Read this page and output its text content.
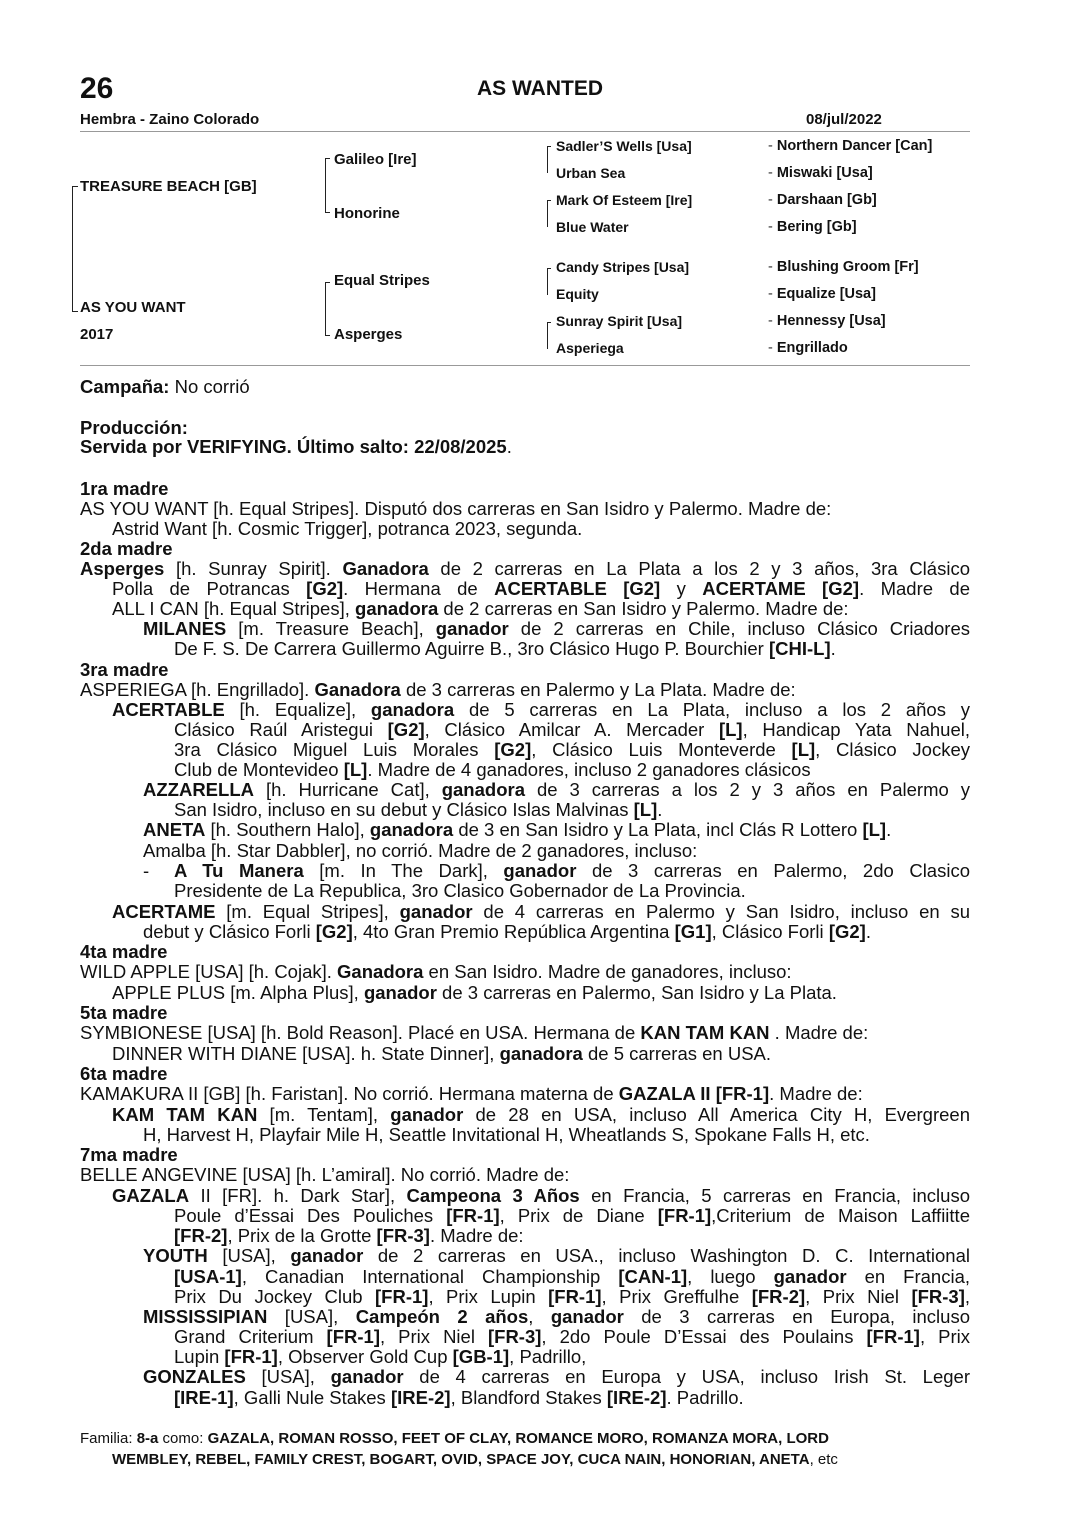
26	AS WANTED
Hembra - Zaino Colorado	08/jul/2022
TREASURE BEACH [GB]
AS YOU WANT
2017
Galileo [Ire]
Honorine
Equal Stripes
Asperges
Sadler’S Wells [Usa]
Urban Sea
Mark Of Esteem [Ire]
Blue Water
Candy Stripes [Usa]
Equity
Sunray Spirit [Usa]
Asperiega
- Northern Dancer [Can]
- Miswaki [Usa]
- Darshaan [Gb]
- Bering [Gb]
- Blushing Groom [Fr]
- Equalize [Usa]
- Hennessy [Usa]
- Engrillado
Campaña: No corrió
Producción:
Servida por VERIFYING. Último salto: 22/08/2025.
1ra madre
AS YOU WANT [h. Equal Stripes]. Disputó dos carreras en San Isidro y Palermo. Madre de:
Astrid Want [h. Cosmic Trigger], potranca 2023, segunda.
2da madre
Asperges [h. Sunray Spirit]. Ganadora de 2 carreras en La Plata a los 2 y 3 años, 3ra Clásico
Polla de Potrancas [G2]. Hermana de ACERTABLE [G2] y ACERTAME [G2]. Madre de
ALL I CAN [h. Equal Stripes], ganadora de 2 carreras en San Isidro y Palermo. Madre de:
MILANES [m. Treasure Beach], ganador de 2 carreras en Chile, incluso Clásico Criadores
De F. S. De Carrera Guillermo Aguirre B., 3ro Clásico Hugo P. Bourchier [CHI-L].
3ra madre
ASPERIEGA [h. Engrillado]. Ganadora de 3 carreras en Palermo y La Plata. Madre de:
ACERTABLE [h. Equalize], ganadora de 5 carreras en La Plata, incluso a los 2 años y
Clásico Raúl Aristegui [G2], Clásico Amilcar A. Mercader [L], Handicap Yata Nahuel,
3ra Clásico Miguel Luis Morales [G2], Clásico Luis Monteverde [L], Clásico Jockey
Club de Montevideo [L]. Madre de 4 ganadores, incluso 2 ganadores clásicos
AZZARELLA [h. Hurricane Cat], ganadora de 3 carreras a los 2 y 3 años en Palermo y
San Isidro, incluso en su debut y Clásico Islas Malvinas [L].
ANETA [h. Southern Halo], ganadora de 3 en San Isidro y La Plata, incl Clás R Lottero [L].
Amalba [h. Star Dabbler], no corrió. Madre de 2 ganadores, incluso:
- A Tu Manera [m. In The Dark], ganador de 3 carreras en Palermo, 2do Clasico
Presidente de La Republica, 3ro Clasico Gobernador de La Provincia.
ACERTAME [m. Equal Stripes], ganador de 4 carreras en Palermo y San Isidro, incluso en su
debut y Clásico Forli [G2], 4to Gran Premio República Argentina [G1], Clásico Forli [G2].
4ta madre
WILD APPLE [USA] [h. Cojak]. Ganadora en San Isidro. Madre de ganadores, incluso:
APPLE PLUS [m. Alpha Plus], ganador de 3 carreras en Palermo, San Isidro y La Plata.
5ta madre
SYMBIONESE [USA] [h. Bold Reason]. Placé en USA. Hermana de KAN TAM KAN . Madre de:
DINNER WITH DIANE [USA]. h. State Dinner], ganadora de 5 carreras en USA.
6ta madre
KAMAKURA II [GB] [h. Faristan]. No corrió. Hermana materna de GAZALA II [FR-1]. Madre de:
KAM TAM KAN [m. Tentam], ganador de 28 en USA, incluso All America City H, Evergreen
H, Harvest H, Playfair Mile H, Seattle Invitational H, Wheatlands S, Spokane Falls H, etc.
7ma madre
BELLE ANGEVINE [USA] [h. L’amiral]. No corrió. Madre de:
GAZALA II [FR]. h. Dark Star], Campeona 3 Años en Francia, 5 carreras en Francia, incluso
Poule d’Essai Des Pouliches [FR-1], Prix de Diane [FR-1],Criterium de Maison Laffiitte
[FR-2], Prix de la Grotte [FR-3]. Madre de:
YOUTH [USA], ganador de 2 carreras en USA., incluso Washington D. C. International
[USA-1], Canadian International Championship [CAN-1], luego ganador en Francia,
Prix Du Jockey Club [FR-1], Prix Lupin [FR-1], Prix Greffulhe [FR-2], Prix Niel [FR-3],
MISSISSIPIAN [USA], Campeón 2 años, ganador de 3 carreras en Europa, incluso
Grand Criterium [FR-1], Prix Niel [FR-3], 2do Poule D’Essai des Poulains [FR-1], Prix
Lupin [FR-1], Observer Gold Cup [GB-1], Padrillo,
GONZALES [USA], ganador de 4 carreras en Europa y USA, incluso Irish St. Leger
[IRE-1], Galli Nule Stakes [IRE-2], Blandford Stakes [IRE-2]. Padrillo.
Familia: 8-a como: GAZALA, ROMAN ROSSO, FEET OF CLAY, ROMANCE MORO, ROMANZA MORA, LORD
WEMBLEY, REBEL, FAMILY CREST, BOGART, OVID, SPACE JOY, CUCA NAIN, HONORIAN, ANETA, etc
